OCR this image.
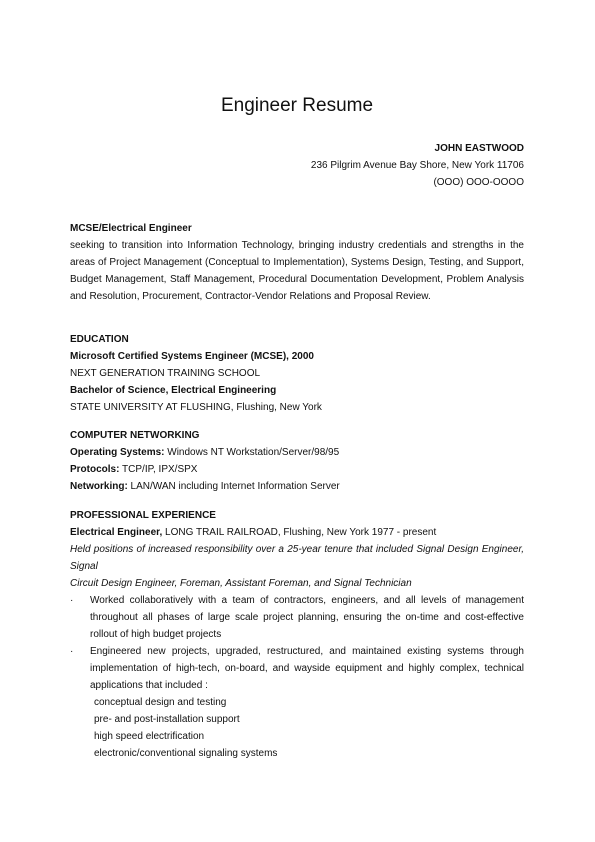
Engineer Resume
JOHN EASTWOOD
236 Pilgrim Avenue Bay Shore, New York 11706
(OOO) OOO-OOOO
MCSE/Electrical Engineer

seeking to transition into Information Technology, bringing industry credentials and strengths in the areas of Project Management (Conceptual to Implementation), Systems Design, Testing, and Support, Budget Management, Staff Management, Procedural Documentation Development, Problem Analysis and Resolution, Procurement, Contractor-Vendor Relations and Proposal Review.

EDUCATION
Microsoft Certified Systems Engineer (MCSE), 2000
NEXT GENERATION TRAINING SCHOOL
Bachelor of Science, Electrical Engineering
STATE UNIVERSITY AT FLUSHING, Flushing, New York
COMPUTER NETWORKING
Operating Systems: Windows NT Workstation/Server/98/95
Protocols: TCP/IP, IPX/SPX
Networking: LAN/WAN including Internet Information Server
PROFESSIONAL EXPERIENCE
Electrical Engineer, LONG TRAIL RAILROAD, Flushing, New York 1977 - present

Held positions of increased responsibility over a 25-year tenure that included Signal Design Engineer, Signal

Circuit Design Engineer, Foreman, Assistant Foreman, and Signal Technician

· Worked collaboratively with a team of contractors, engineers, and all levels of management throughout all phases of large scale project planning, ensuring the on-time and cost-effective rollout of high budget projects
· Engineered new projects, upgraded, restructured, and maintained existing systems through implementation of high-tech, on-board, and wayside equipment and highly complex, technical applications that included :
conceptual design and testing
pre- and post-installation support
high speed electrification
electronic/conventional signaling systems
